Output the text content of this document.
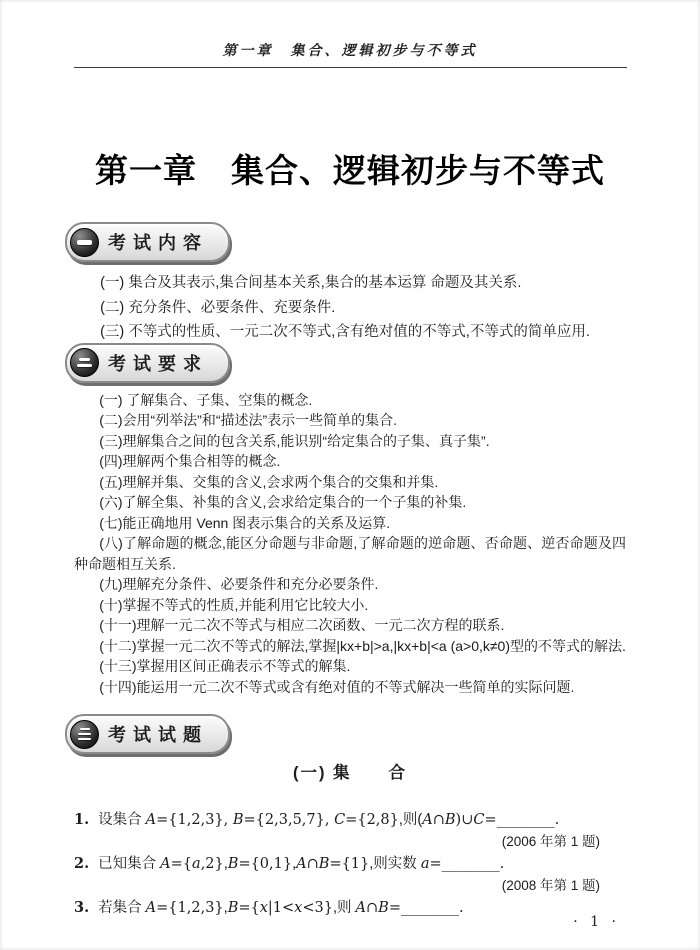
第一章　集合、逻辑初步与不等式
第一章　集合、逻辑初步与不等式
考试内容

(一) 集合及其表示,集合间基本关系,集合的基本运算 命题及其关系.

(二) 充分条件、必要条件、充要条件.

(三) 不等式的性质、一元二次不等式,含有绝对值的不等式,不等式的简单应用.

考试要求

(一) 了解集合、子集、空集的概念.

(二)会用“列举法”和“描述法”表示一些简单的集合.

(三)理解集合之间的包含关系,能识别“给定集合的子集、真子集”.

(四)理解两个集合相等的概念.

(五)理解并集、交集的含义,会求两个集合的交集和并集.

(六)了解全集、补集的含义,会求给定集合的一个子集的补集.

(七)能正确地用 Venn 图表示集合的关系及运算.

(八)了解命题的概念,能区分命题与非命题,了解命题的逆命题、否命题、逆否命题及四种命题相互关系.

(九)理解充分条件、必要条件和充分必要条件.

(十)掌握不等式的性质,并能利用它比较大小.

(十一)理解一元二次不等式与相应二次函数、一元二次方程的联系.

(十二)掌握一元二次不等式的解法,掌握|kx+b|>a,|kx+b|<a (a>0,k≠0)型的不等式的解法.

(十三)掌握用区间正确表示不等式的解集.

(十四)能运用一元二次不等式或含有绝对值的不等式解决一些简单的实际问题.

考试试题
(一) 集　　合
1. 设集合 A={1,2,3}, B={2,3,5,7}, C={2,8},则(A∩B)∪C=________.
(2006 年第 1 题)
2. 已知集合 A={a,2},B={0,1},A∩B={1},则实数 a=________.
(2008 年第 1 题)
3. 若集合 A={1,2,3},B={x|1<x<3},则 A∩B=________.
· 1 ·
